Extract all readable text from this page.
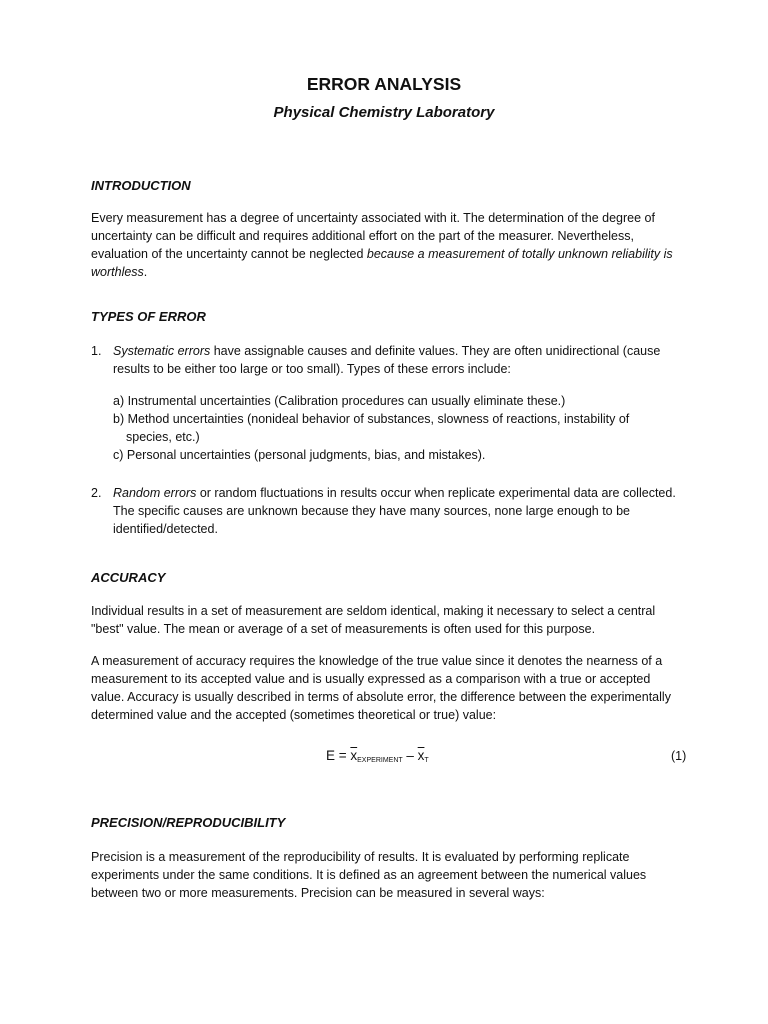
ERROR ANALYSIS
Physical Chemistry Laboratory
INTRODUCTION
Every measurement has a degree of uncertainty associated with it. The determination of the degree of
uncertainty can be difficult and requires additional effort on the part of the measurer. Nevertheless,
evaluation of the uncertainty cannot be neglected because a measurement of totally unknown reliability is
worthless.
TYPES OF ERROR
1. Systematic errors have assignable causes and definite values. They are often unidirectional (cause
results to be either too large or too small). Types of these errors include:
a) Instrumental uncertainties (Calibration procedures can usually eliminate these.)
b) Method uncertainties (nonideal behavior of substances, slowness of reactions, instability of
species, etc.)
c) Personal uncertainties (personal judgments, bias, and mistakes).
2. Random errors or random fluctuations in results occur when replicate experimental data are collected.
The specific causes are unknown because they have many sources, none large enough to be
identified/detected.
ACCURACY
Individual results in a set of measurement are seldom identical, making it necessary to select a central
"best" value. The mean or average of a set of measurements is often used for this purpose.
A measurement of accuracy requires the knowledge of the true value since it denotes the nearness of a
measurement to its accepted value and is usually expressed as a comparison with a true or accepted
value. Accuracy is usually described in terms of absolute error, the difference between the experimentally
determined value and the accepted (sometimes theoretical or true) value:
$E = \overline{x}_{EXPERIMENT} - \overline{x}_T$	(1)
PRECISION/REPRODUCIBILITY
Precision is a measurement of the reproducibility of results. It is evaluated by performing replicate
experiments under the same conditions. It is defined as an agreement between the numerical values
between two or more measurements. Precision can be measured in several ways:
